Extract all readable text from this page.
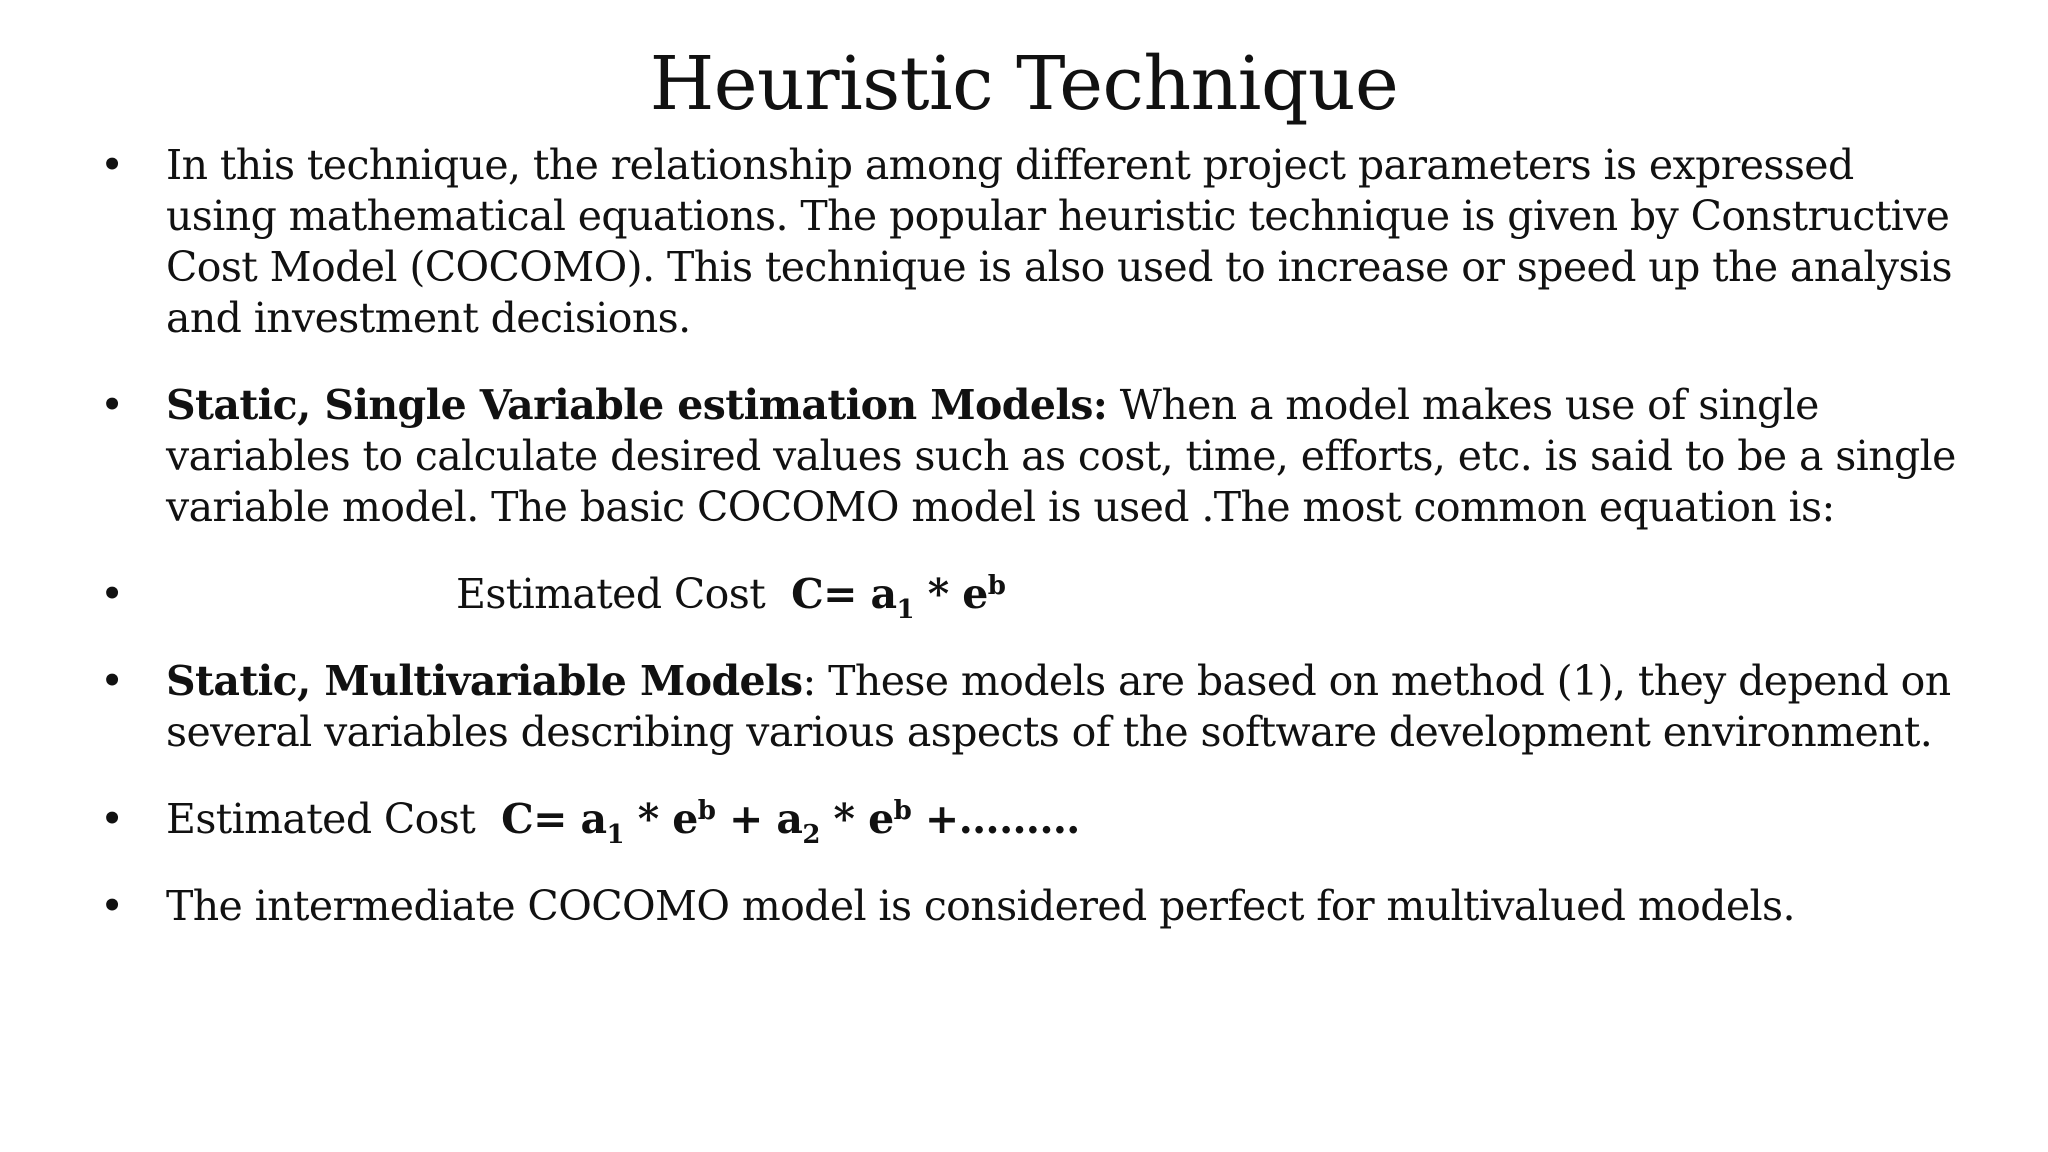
Heuristic Technique
• In this technique, the relationship among different project parameters is expressed using mathematical equations. The popular heuristic technique is given by Constructive Cost Model (COCOMO). This technique is also used to increase or speed up the analysis and investment decisions.

• Static, Single Variable estimation Models: When a model makes use of single variables to calculate desired values such as cost, time, efforts, etc. is said to be a single variable model. The basic COCOMO model is used .The most common equation is:

•	Estimated Cost $C= a_1 * e^b$

• Static, Multivariable Models: These models are based on method (1), they depend on several variables describing various aspects of the software development environment.

• Estimated Cost $C= a_1 * e^b + a_2 * e^b$ +………

• The intermediate COCOMO model is considered perfect for multivalued models.
